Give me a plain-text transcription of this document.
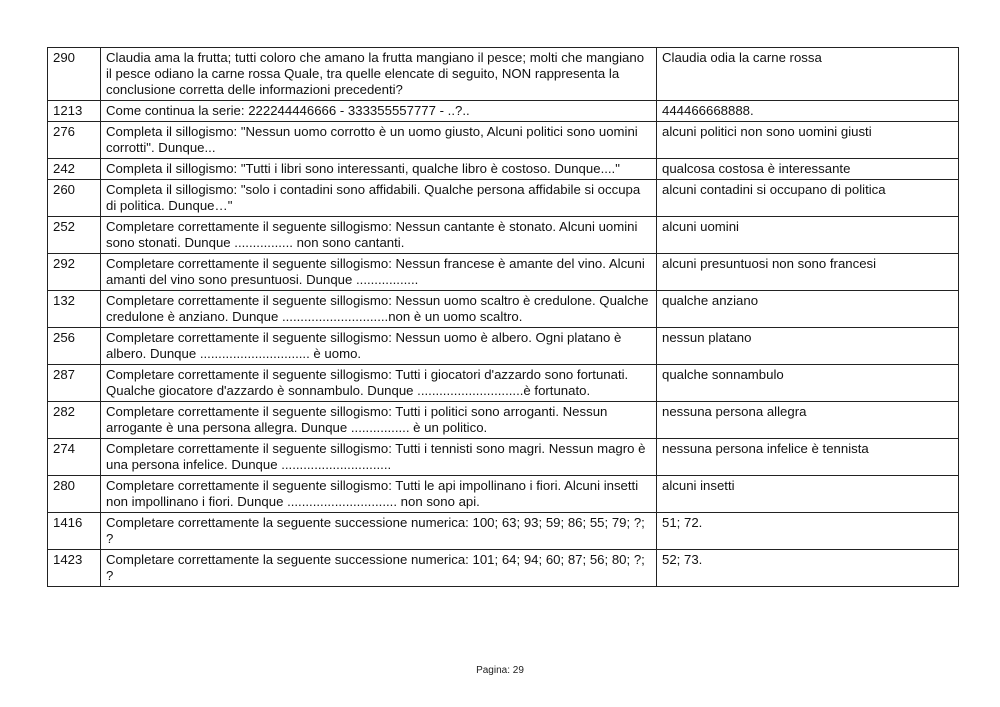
290	Claudia ama la frutta; tutti coloro che amano la frutta mangiano il pesce; molti che mangiano il pesce odiano la carne rossa Quale, tra quelle elencate di seguito, NON rappresenta la conclusione corretta delle informazioni precedenti?	Claudia odia la carne rossa
1213	Come continua la serie: 222244446666 - 333355557777 - ..?..	444466668888.
276	Completa il sillogismo: "Nessun uomo corrotto è un uomo giusto, Alcuni politici sono uomini corrotti". Dunque...	alcuni politici non sono uomini giusti
242	Completa il sillogismo: "Tutti i libri sono interessanti, qualche libro è costoso. Dunque...."	qualcosa costosa è interessante
260	Completa il sillogismo: "solo i contadini sono affidabili. Qualche persona affidabile si occupa di politica. Dunque…"	alcuni contadini si occupano di politica
252	Completare correttamente il seguente sillogismo: Nessun cantante è stonato. Alcuni uomini sono stonati. Dunque ................ non sono cantanti.	alcuni uomini
292	Completare correttamente il seguente sillogismo: Nessun francese è amante del vino. Alcuni amanti del vino sono presuntuosi. Dunque .................	alcuni presuntuosi non sono francesi
132	Completare correttamente il seguente sillogismo: Nessun uomo scaltro è credulone. Qualche credulone è anziano. Dunque .............................non è un uomo scaltro.	qualche anziano
256	Completare correttamente il seguente sillogismo: Nessun uomo è albero. Ogni platano è albero. Dunque .............................. è uomo.	nessun platano
287	Completare correttamente il seguente sillogismo: Tutti i giocatori d'azzardo sono fortunati. Qualche giocatore d'azzardo è sonnambulo. Dunque .............................è fortunato.	qualche sonnambulo
282	Completare correttamente il seguente sillogismo: Tutti i politici sono arroganti. Nessun arrogante è una persona allegra. Dunque ................ è un politico.	nessuna persona allegra
274	Completare correttamente il seguente sillogismo: Tutti i tennisti sono magri. Nessun magro è una persona infelice. Dunque ..............................	nessuna persona infelice è tennista
280	Completare correttamente il seguente sillogismo: Tutti le api impollinano i fiori. Alcuni insetti non impollinano i fiori. Dunque .............................. non sono api.	alcuni insetti
1416	Completare correttamente la seguente successione numerica: 100; 63; 93; 59; 86; 55; 79; ?; ?	51; 72.
1423	Completare correttamente la seguente successione numerica: 101; 64; 94; 60; 87; 56; 80; ?; ?	52; 73.
Pagina: 29
